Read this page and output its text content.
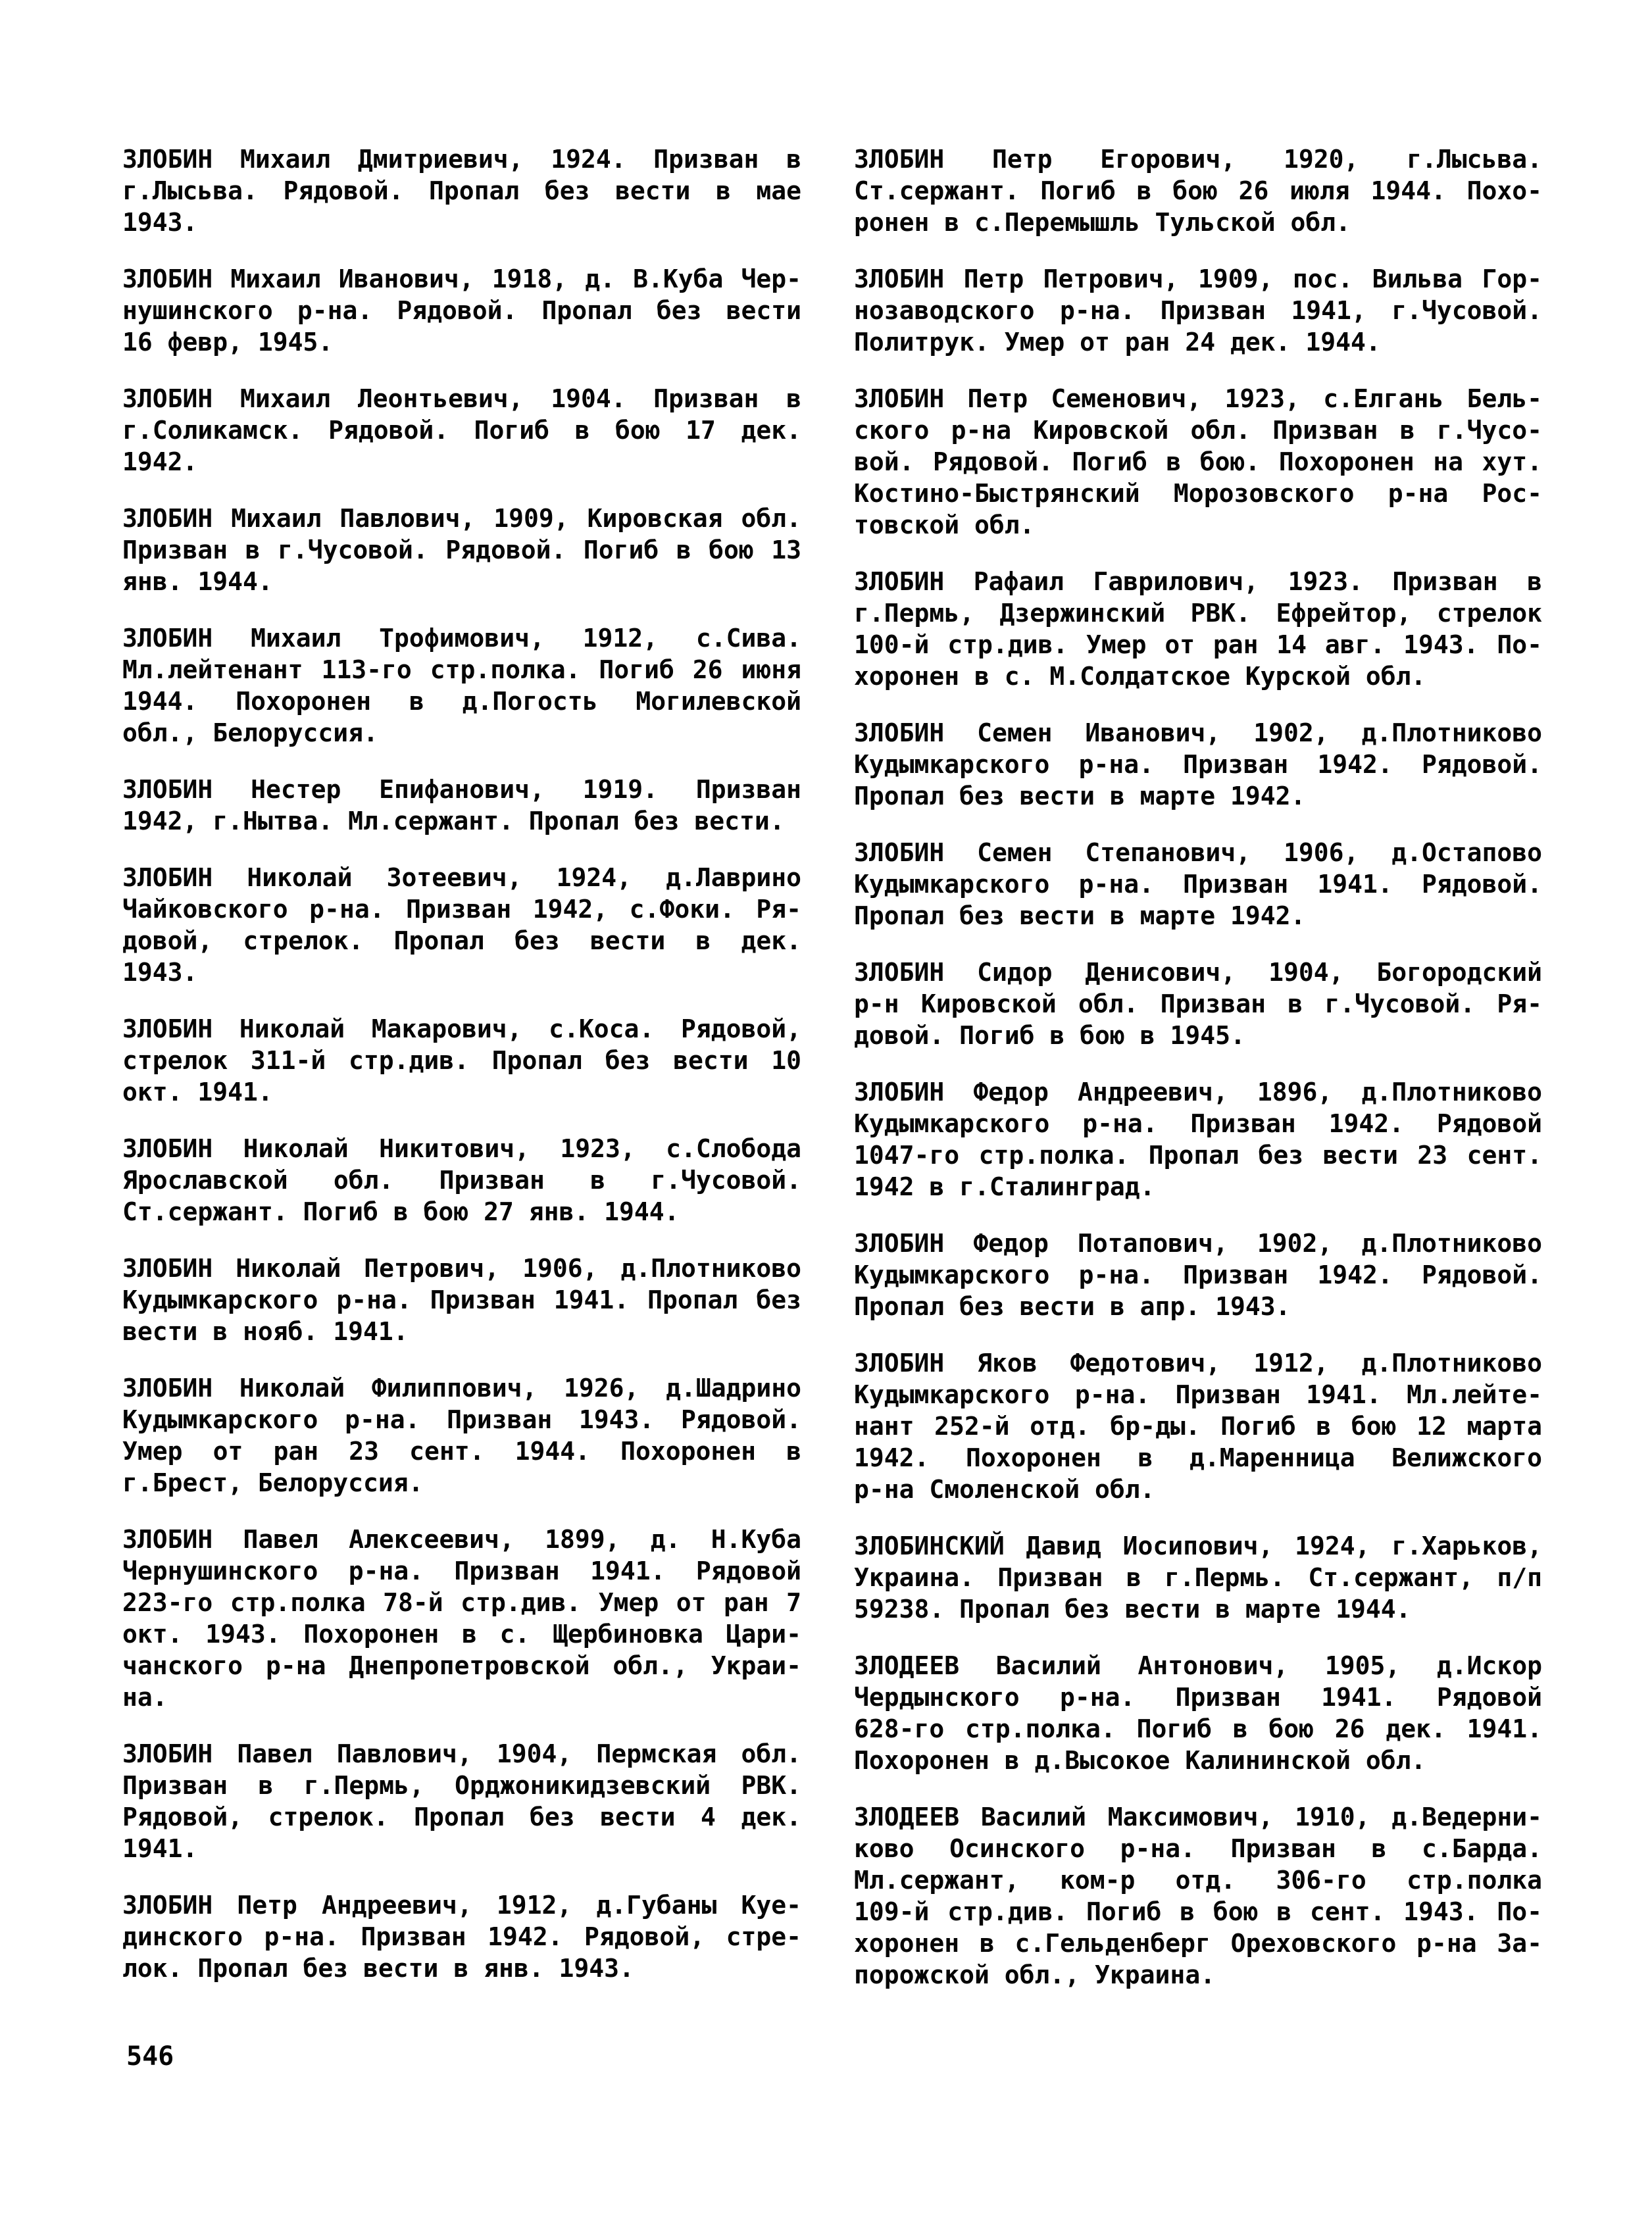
ЗЛОБИН Михаил Дмитриевич, 1924. Призван в
г.Лысьва. Рядовой. Пропал без вести в мае
1943.
ЗЛОБИН Михаил Иванович, 1918, д. В.Куба Чер-
нушинского р-на. Рядовой. Пропал без вести
16 февр, 1945.
ЗЛОБИН Михаил Леонтьевич, 1904. Призван в
г.Соликамск. Рядовой. Погиб в бою 17 дек.
1942.
ЗЛОБИН Михаил Павлович, 1909, Кировская обл.
Призван в г.Чусовой. Рядовой. Погиб в бою 13
янв. 1944.
ЗЛОБИН Михаил Трофимович, 1912, с.Сива.
Мл.лейтенант 113-го стр.полка. Погиб 26 июня
1944. Похоронен в д.Погость Могилевской
обл., Белоруссия.
ЗЛОБИН Нестер Епифанович, 1919. Призван
1942, г.Нытва. Мл.сержант. Пропал без вести.
ЗЛОБИН Николай Зотеевич, 1924, д.Лаврино
Чайковского р-на. Призван 1942, с.Фоки. Ря-
довой, стрелок. Пропал без вести в дек.
1943.
ЗЛОБИН Николай Макарович, с.Коса. Рядовой,
стрелок 311-й стр.див. Пропал без вести 10
окт. 1941.
ЗЛОБИН Николай Никитович, 1923, с.Слобода
Ярославской обл. Призван в г.Чусовой.
Ст.сержант. Погиб в бою 27 янв. 1944.
ЗЛОБИН Николай Петрович, 1906, д.Плотниково
Кудымкарского р-на. Призван 1941. Пропал без
вести в нояб. 1941.
ЗЛОБИН Николай Филиппович, 1926, д.Шадрино
Кудымкарского р-на. Призван 1943. Рядовой.
Умер от ран 23 сент. 1944. Похоронен в
г.Брест, Белоруссия.
ЗЛОБИН Павел Алексеевич, 1899, д. Н.Куба
Чернушинского р-на. Призван 1941. Рядовой
223-го стр.полка 78-й стр.див. Умер от ран 7
окт. 1943. Похоронен в с. Щербиновка Цари-
чанского р-на Днепропетровской обл., Украи-
на.
ЗЛОБИН Павел Павлович, 1904, Пермская обл.
Призван в г.Пермь, Орджоникидзевский РВК.
Рядовой, стрелок. Пропал без вести 4 дек.
1941.
ЗЛОБИН Петр Андреевич, 1912, д.Губаны Куе-
динского р-на. Призван 1942. Рядовой, стре-
лок. Пропал без вести в янв. 1943.
ЗЛОБИН Петр Егорович, 1920, г.Лысьва.
Ст.сержант. Погиб в бою 26 июля 1944. Похо-
ронен в с.Перемышль Тульской обл.
ЗЛОБИН Петр Петрович, 1909, пос. Вильва Гор-
нозаводского р-на. Призван 1941, г.Чусовой.
Политрук. Умер от ран 24 дек. 1944.
ЗЛОБИН Петр Семенович, 1923, с.Елгань Бель-
ского р-на Кировской обл. Призван в г.Чусо-
вой. Рядовой. Погиб в бою. Похоронен на хут.
Костино-Быстрянский Морозовского р-на Рос-
товской обл.
ЗЛОБИН Рафаил Гаврилович, 1923. Призван в
г.Пермь, Дзержинский РВК. Ефрейтор, стрелок
100-й стр.див. Умер от ран 14 авг. 1943. По-
хоронен в с. М.Солдатское Курской обл.
ЗЛОБИН Семен Иванович, 1902, д.Плотниково
Кудымкарского р-на. Призван 1942. Рядовой.
Пропал без вести в марте 1942.
ЗЛОБИН Семен Степанович, 1906, д.Остапово
Кудымкарского р-на. Призван 1941. Рядовой.
Пропал без вести в марте 1942.
ЗЛОБИН Сидор Денисович, 1904, Богородский
р-н Кировской обл. Призван в г.Чусовой. Ря-
довой. Погиб в бою в 1945.
ЗЛОБИН Федор Андреевич, 1896, д.Плотниково
Кудымкарского р-на. Призван 1942. Рядовой
1047-го стр.полка. Пропал без вести 23 сент.
1942 в г.Сталинград.
ЗЛОБИН Федор Потапович, 1902, д.Плотниково
Кудымкарского р-на. Призван 1942. Рядовой.
Пропал без вести в апр. 1943.
ЗЛОБИН Яков Федотович, 1912, д.Плотниково
Кудымкарского р-на. Призван 1941. Мл.лейте-
нант 252-й отд. бр-ды. Погиб в бою 12 марта
1942. Похоронен в д.Маренница Велижского
р-на Смоленской обл.
ЗЛОБИНСКИЙ Давид Иосипович, 1924, г.Харьков,
Украина. Призван в г.Пермь. Ст.сержант, п/п
59238. Пропал без вести в марте 1944.
ЗЛОДЕЕВ Василий Антонович, 1905, д.Искор
Чердынского р-на. Призван 1941. Рядовой
628-го стр.полка. Погиб в бою 26 дек. 1941.
Похоронен в д.Высокое Калининской обл.
ЗЛОДЕЕВ Василий Максимович, 1910, д.Ведерни-
ково Осинского р-на. Призван в с.Барда.
Мл.сержант, ком-р отд. 306-го стр.полка
109-й стр.див. Погиб в бою в сент. 1943. По-
хоронен в с.Гельденберг Ореховского р-на За-
порожской обл., Украина.
546
